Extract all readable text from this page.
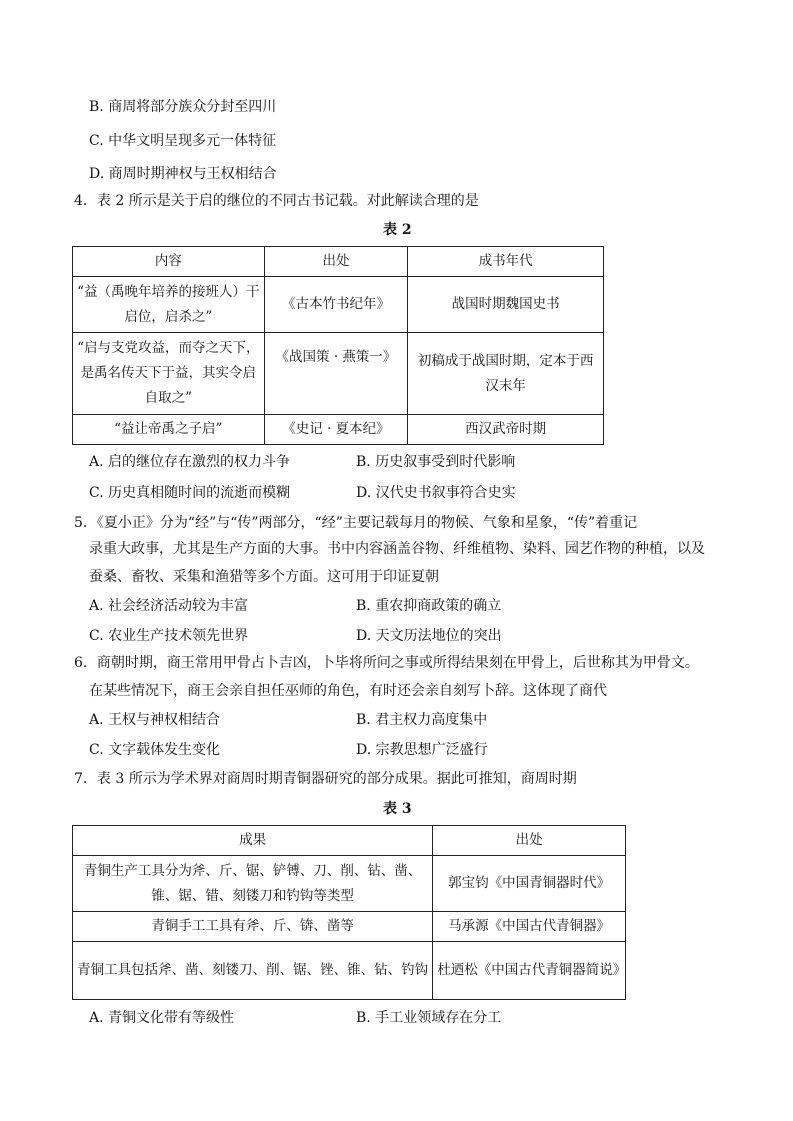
B. 商周将部分族众分封至四川
C. 中华文明呈现多元一体特征
D. 商周时期神权与王权相结合
4．表 2 所示是关于启的继位的不同古书记载。对此解读合理的是
表 2
内容	出处	成书年代
“益（禹晚年培养的接班人）干启位，启杀之”	《古本竹书纪年》	战国时期魏国史书
“启与支党攻益，而夺之天下，是禹名传天下于益，其实令启自取之”	《战国策 · 燕策一》	初稿成于战国时期，定本于西汉末年
“益让帝禹之子启”	《史记 · 夏本纪》	西汉武帝时期
A. 启的继位存在激烈的权力斗争	B. 历史叙事受到时代影响
C. 历史真相随时间的流逝而模糊	D. 汉代史书叙事符合史实
5．《夏小正》分为“经”与“传”两部分，“经”主要记载每月的物候、气象和星象，“传”着重记
录重大政事，尤其是生产方面的大事。书中内容涵盖谷物、纤维植物、染料、园艺作物的种植，以及
蚕桑、畜牧、采集和渔猎等多个方面。这可用于印证夏朝
A. 社会经济活动较为丰富	B. 重农抑商政策的确立
C. 农业生产技术领先世界	D. 天文历法地位的突出
6．商朝时期，商王常用甲骨占卜吉凶，卜毕将所问之事或所得结果刻在甲骨上，后世称其为甲骨文。
在某些情况下，商王会亲自担任巫师的角色，有时还会亲自刻写卜辞。这体现了商代
A. 王权与神权相结合	B. 君主权力高度集中
C. 文字载体发生变化	D. 宗教思想广泛盛行
7．表 3 所示为学术界对商周时期青铜器研究的部分成果。据此可推知，商周时期
表 3
成果	出处
青铜生产工具分为斧、斤、锯、铲镈、刀、削、钻、凿、锥、锯、错、刻镂刀和钓钩等类型	郭宝钧《中国青铜器时代》
青铜手工工具有斧、斤、锛、凿等	马承源《中国古代青铜器》
青铜工具包括斧、凿、刻镂刀、削、锯、锉、锥、钻、钓钩	杜迺松《中国古代青铜器简说》
A. 青铜文化带有等级性	B. 手工业领域存在分工
